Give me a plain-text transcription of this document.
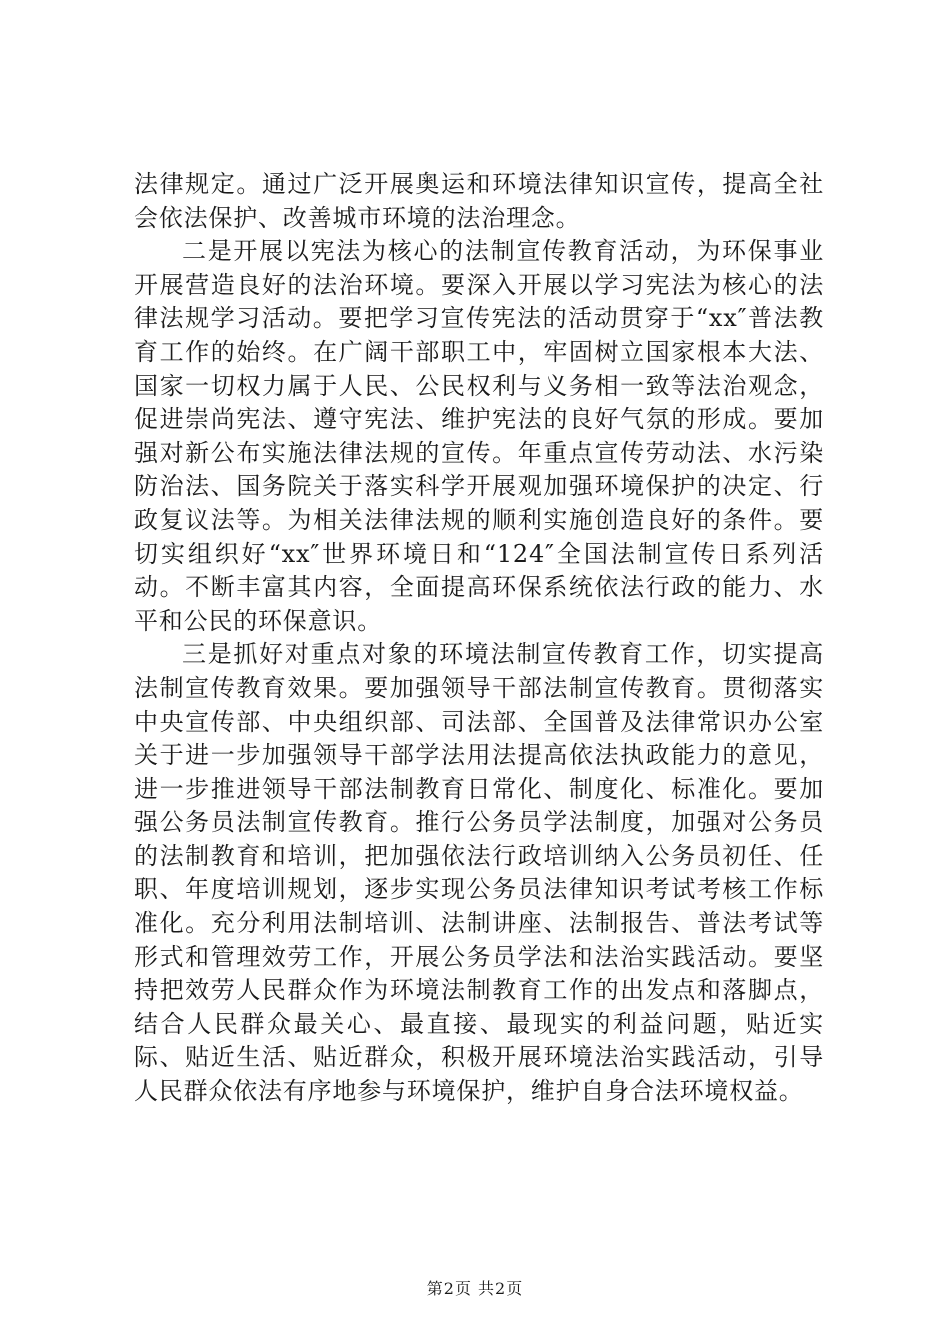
法律规定。通过广泛开展奥运和环境法律知识宣传，提高全社会依法保护、改善城市环境的法治理念。

二是开展以宪法为核心的法制宣传教育活动，为环保事业开展营造良好的法治环境。要深入开展以学习宪法为核心的法律法规学习活动。要把学习宣传宪法的活动贯穿于“xx″普法教育工作的始终。在广阔干部职工中，牢固树立国家根本大法、国家一切权力属于人民、公民权利与义务相一致等法治观念，促进崇尚宪法、遵守宪法、维护宪法的良好气氛的形成。要加强对新公布实施法律法规的宣传。年重点宣传劳动法、水污染防治法、国务院关于落实科学开展观加强环境保护的决定、行政复议法等。为相关法律法规的顺利实施创造良好的条件。要切实组织好“xx″世界环境日和“124″全国法制宣传日系列活动。不断丰富其内容，全面提高环保系统依法行政的能力、水平和公民的环保意识。

三是抓好对重点对象的环境法制宣传教育工作，切实提高法制宣传教育效果。要加强领导干部法制宣传教育。贯彻落实中央宣传部、中央组织部、司法部、全国普及法律常识办公室关于进一步加强领导干部学法用法提高依法执政能力的意见，进一步推进领导干部法制教育日常化、制度化、标准化。要加强公务员法制宣传教育。推行公务员学法制度，加强对公务员的法制教育和培训，把加强依法行政培训纳入公务员初任、任职、年度培训规划，逐步实现公务员法律知识考试考核工作标准化。充分利用法制培训、法制讲座、法制报告、普法考试等形式和管理效劳工作，开展公务员学法和法治实践活动。要坚持把效劳人民群众作为环境法制教育工作的出发点和落脚点，结合人民群众最关心、最直接、最现实的利益问题，贴近实际、贴近生活、贴近群众，积极开展环境法治实践活动，引导人民群众依法有序地参与环境保护，维护自身合法环境权益。

第2页 共2页
